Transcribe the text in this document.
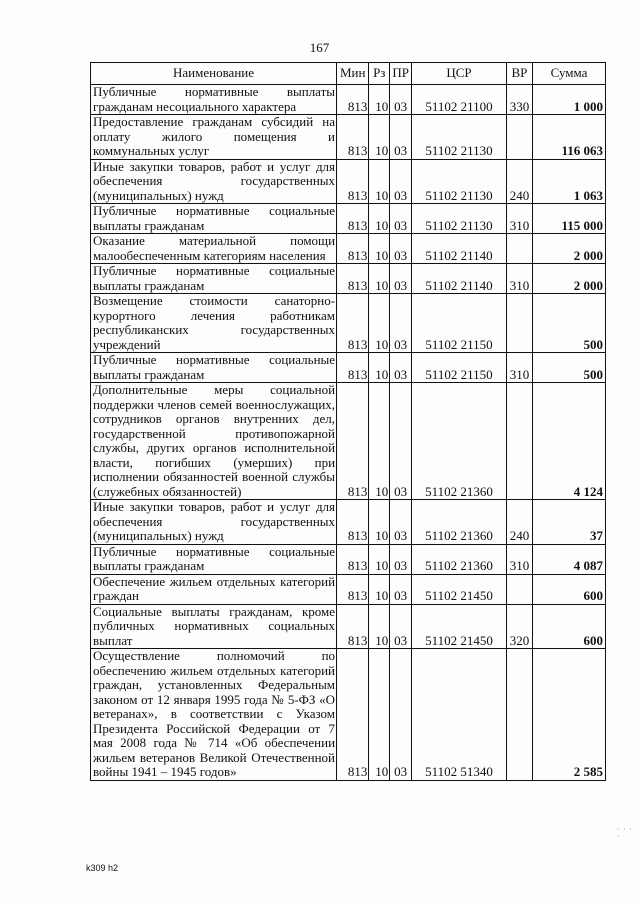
167
Наименование	Мин	Рз	ПР	ЦСР	ВР	Сумма
Публичные нормативные выплаты гражданам несоциального характера	813	10	03	51102 21100	330	1 000
Предоставление гражданам субсидий на оплату жилого помещения и коммунальных услуг	813	10	03	51102 21130		116 063
Иные закупки товаров, работ и услуг для обеспечения государственных (муниципальных) нужд	813	10	03	51102 21130	240	1 063
Публичные нормативные социальные выплаты гражданам	813	10	03	51102 21130	310	115 000
Оказание материальной помощи малообеспеченным категориям населения	813	10	03	51102 21140		2 000
Публичные нормативные социальные выплаты гражданам	813	10	03	51102 21140	310	2 000
Возмещение стоимости санаторно-курортного лечения работникам республиканских государственных учреждений	813	10	03	51102 21150		500
Публичные нормативные социальные выплаты гражданам	813	10	03	51102 21150	310	500
Дополнительные меры социальной поддержки членов семей военнослужащих, сотрудников органов внутренних дел, государственной противопожарной службы, других органов исполнительной власти, погибших (умерших) при исполнении обязанностей военной службы (служебных обязанностей)	813	10	03	51102 21360		4 124
Иные закупки товаров, работ и услуг для обеспечения государственных (муниципальных) нужд	813	10	03	51102 21360	240	37
Публичные нормативные социальные выплаты гражданам	813	10	03	51102 21360	310	4 087
Обеспечение жильем отдельных категорий граждан	813	10	03	51102 21450		600
Социальные выплаты гражданам, кроме публичных нормативных социальных выплат	813	10	03	51102 21450	320	600
Осуществление полномочий по обеспечению жильем отдельных категорий граждан, установленных Федеральным законом от 12 января 1995 года № 5-ФЗ «О ветеранах», в соответствии с Указом Президента Российской Федерации от 7 мая 2008 года № 714 «Об обеспечении жильем ветеранов Великой Отечественной войны 1941 – 1945 годов»	813	10	03	51102 51340		2 585
k309 h2
· · · ·
